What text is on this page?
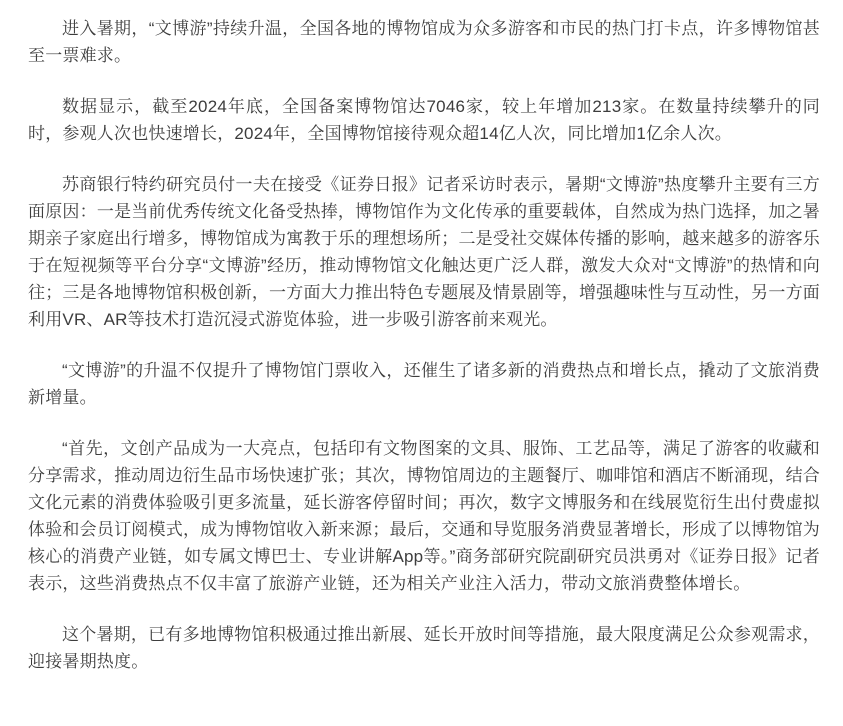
进入暑期，“文博游”持续升温，全国各地的博物馆成为众多游客和市民的热门打卡点，许多博物馆甚至一票难求。

数据显示，截至2024年底，全国备案博物馆达7046家，较上年增加213家。在数量持续攀升的同时，参观人次也快速增长，2024年，全国博物馆接待观众超14亿人次，同比增加1亿余人次。

苏商银行特约研究员付一夫在接受《证券日报》记者采访时表示，暑期“文博游”热度攀升主要有三方面原因：一是当前优秀传统文化备受热捧，博物馆作为文化传承的重要载体，自然成为热门选择，加之暑期亲子家庭出行增多，博物馆成为寓教于乐的理想场所；二是受社交媒体传播的影响，越来越多的游客乐于在短视频等平台分享“文博游”经历，推动博物馆文化触达更广泛人群，激发大众对“文博游”的热情和向往；三是各地博物馆积极创新，一方面大力推出特色专题展及情景剧等，增强趣味性与互动性，另一方面利用VR、AR等技术打造沉浸式游览体验，进一步吸引游客前来观光。

“文博游”的升温不仅提升了博物馆门票收入，还催生了诸多新的消费热点和增长点，撬动了文旅消费新增量。

“首先，文创产品成为一大亮点，包括印有文物图案的文具、服饰、工艺品等，满足了游客的收藏和分享需求，推动周边衍生品市场快速扩张；其次，博物馆周边的主题餐厅、咖啡馆和酒店不断涌现，结合文化元素的消费体验吸引更多流量，延长游客停留时间；再次，数字文博服务和在线展览衍生出付费虚拟体验和会员订阅模式，成为博物馆收入新来源；最后，交通和导览服务消费显著增长，形成了以博物馆为核心的消费产业链，如专属文博巴士、专业讲解App等。”商务部研究院副研究员洪勇对《证券日报》记者表示，这些消费热点不仅丰富了旅游产业链，还为相关产业注入活力，带动文旅消费整体增长。

这个暑期，已有多地博物馆积极通过推出新展、延长开放时间等措施，最大限度满足公众参观需求，迎接暑期热度。
